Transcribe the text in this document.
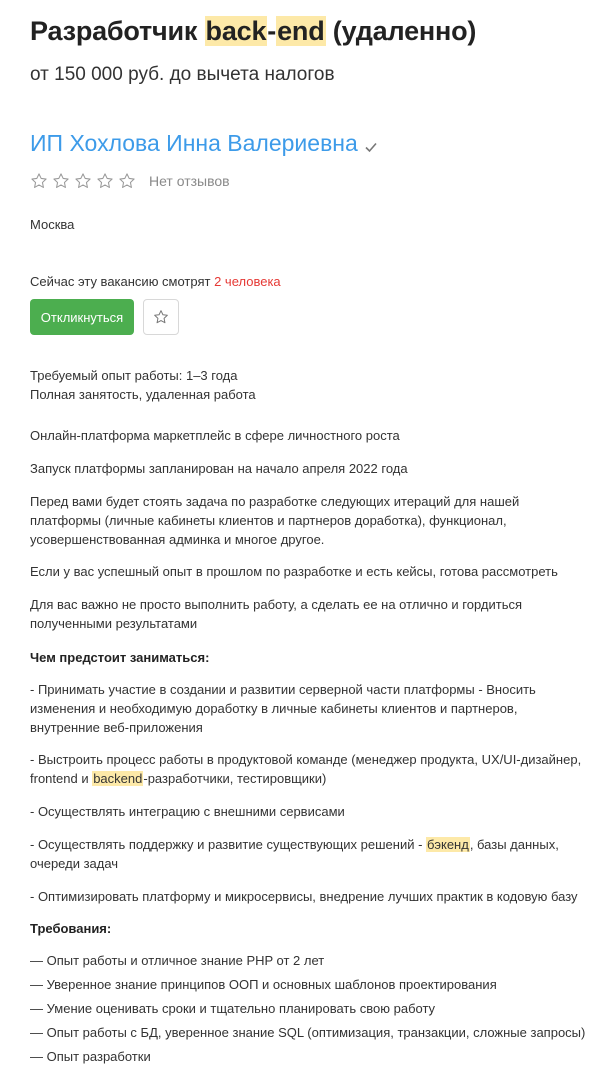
Разработчик back-end (удаленно)
от 150 000 руб. до вычета налогов
ИП Хохлова Инна Валериевна
Нет отзывов
Москва
Сейчас эту вакансию смотрят 2 человека
Откликнуться
Требуемый опыт работы: 1–3 года
Полная занятость, удаленная работа
Онлайн-платформа маркетплейс в сфере личностного роста
Запуск платформы запланирован на начало апреля 2022 года
Перед вами будет стоять задача по разработке следующих итераций для нашей платформы (личные кабинеты клиентов и партнеров доработка), функционал, усовершенствованная админка и многое другое.
Если у вас успешный опыт в прошлом по разработке и есть кейсы, готова рассмотреть
Для вас важно не просто выполнить работу, а сделать ее на отлично и гордиться полученными результатами
Чем предстоит заниматься:
- Принимать участие в создании и развитии серверной части платформы - Вносить изменения и необходимую доработку в личные кабинеты клиентов и партнеров, внутренние веб-приложения
- Выстроить процесс работы в продуктовой команде (менеджер продукта, UX/UI-дизайнер, frontend и backend-разработчики, тестировщики)
- Осуществлять интеграцию с внешними сервисами
- Осуществлять поддержку и развитие существующих решений - бэкенд, базы данных, очереди задач
- Оптимизировать платформу и микросервисы, внедрение лучших практик в кодовую базу
Требования:
— Опыт работы и отличное знание PHP от 2 лет
— Уверенное знание принципов ООП и основных шаблонов проектирования
— Умение оценивать сроки и тщательно планировать свою работу
— Опыт работы с БД, уверенное знание SQL (оптимизация, транзакции, сложные запросы)
— Опыт разработки
